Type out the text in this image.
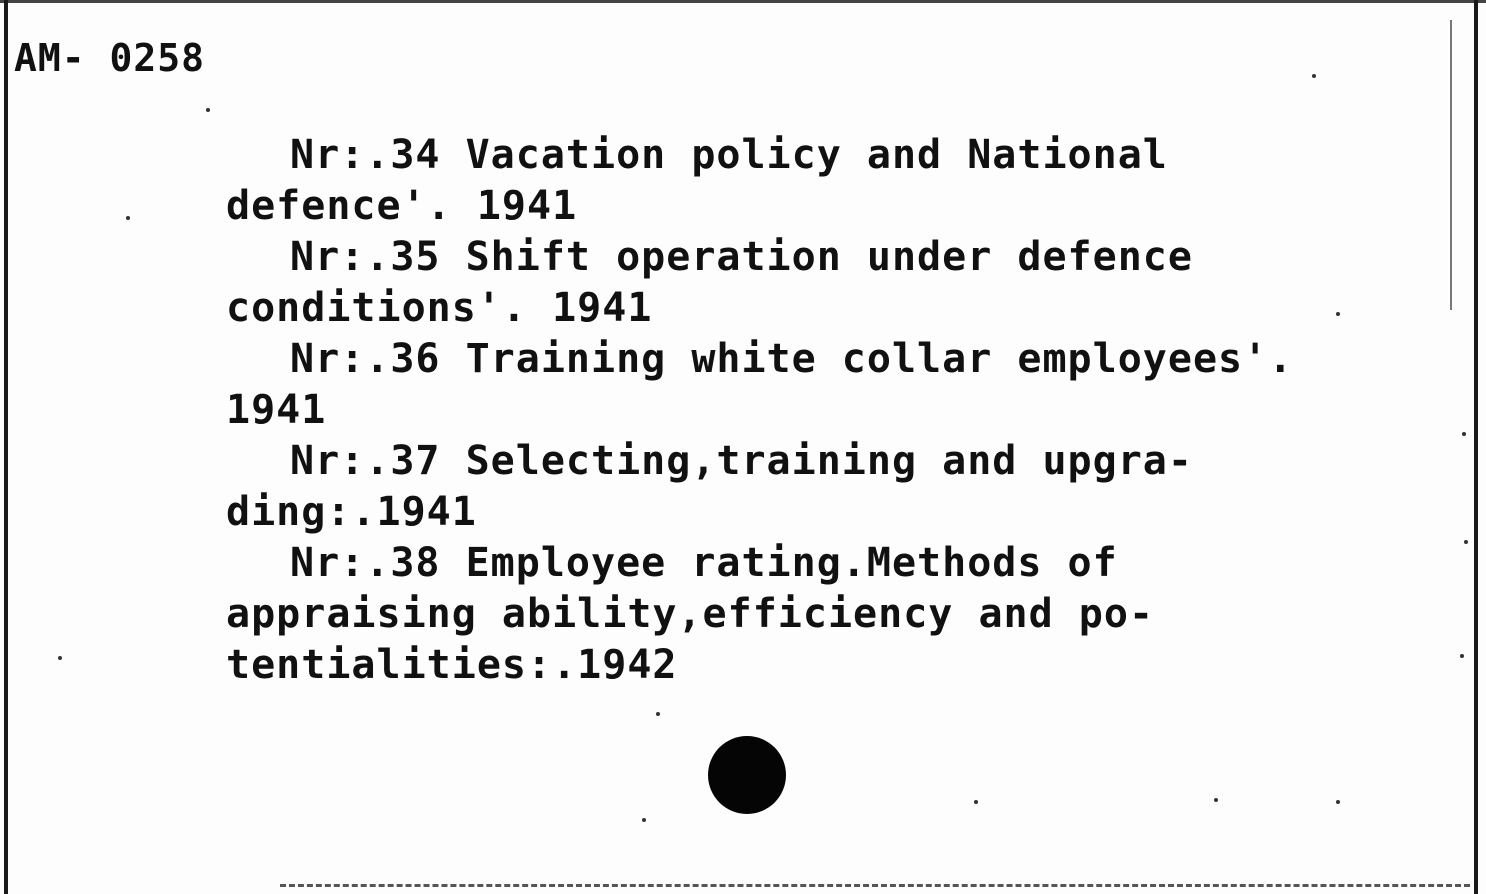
AM- 0258
Nr:.34 Vacation policy and National
defence'. 1941
Nr:.35 Shift operation under defence
conditions'. 1941
Nr:.36 Training white collar employees'.
1941
Nr:.37 Selecting,training and upgra-
ding:.1941
Nr:.38 Employee rating.Methods of
appraising ability,efficiency and po-
tentialities:.1942
